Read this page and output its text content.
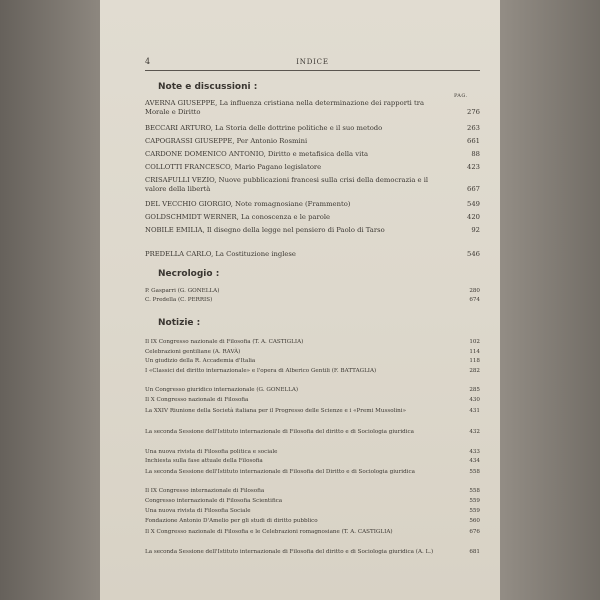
4	INDICE
Note e discussioni :
PAG.
AVERNA GIUSEPPE, La influenza cristiana nella determinazione dei rapporti tra Morale e Diritto	276
BECCARI ARTURO, La Storia delle dottrine politiche e il suo metodo	263
CAPOGRASSI GIUSEPPE, Per Antonio Rosmini	661
CARDONE DOMENICO ANTONIO, Diritto e metafisica della vita	88
COLLOTTI FRANCESCO, Mario Pagano legislatore	423
CRISAFULLI VEZIO, Nuove pubblicazioni francesi sulla crisi della democrazia e il valore della libertà	667
DEL VECCHIO GIORGIO, Note romagnosiane (Frammento)	549
GOLDSCHMIDT WERNER, La conoscenza e le parole	420
NOBILE EMILIA, Il disegno della legge nel pensiero di Paolo di Tarso	92
PREDELLA CARLO, La Costituzione inglese	546
Necrologio :
P. Gasparri (G. GONELLA)	280
C. Predella (C. PERRIS)	674
Notizie :
Il IX Congresso nazionale di Filosofia (T. A. CASTIGLIA)	102
Celebrazioni gentiliane (A. RAVÀ)	114
Un giudizio della R. Accademia d'Italia	118
I «Classici del diritto internazionale» e l'opera di Alberico Gentili (F. BATTAGLIA)	282
Un Congresso giuridico internazionale (G. GONELLA)	285
Il X Congresso nazionale di Filosofia	430
La XXIV Riunione della Società italiana per il Progresso delle Scienze e i «Premi Mussolini»	431
La seconda Sessione dell'Istituto internazionale di Filosofia del diritto e di Sociologia giuridica	432
Una nuova rivista di Filosofia politica e sociale	433
Inchiesta sulla fase attuale della Filosofia	434
La seconda Sessione dell'Istituto internazionale di Filosofia del Diritto e di Sociologia giuridica	558
Il IX Congresso internazionale di Filosofia	558
Congresso internazionale di Filosofia Scientifica	559
Una nuova rivista di Filosofia Sociale	559
Fondazione Antonio D'Amelio per gli studi di diritto pubblico	560
Il X Congresso nazionale di Filosofia e le Celebrazioni romagnosiane (T. A. CASTIGLIA)	676
La seconda Sessione dell'Istituto internazionale di Filosofia del diritto e di Sociologia giuridica (A. L.)	681
